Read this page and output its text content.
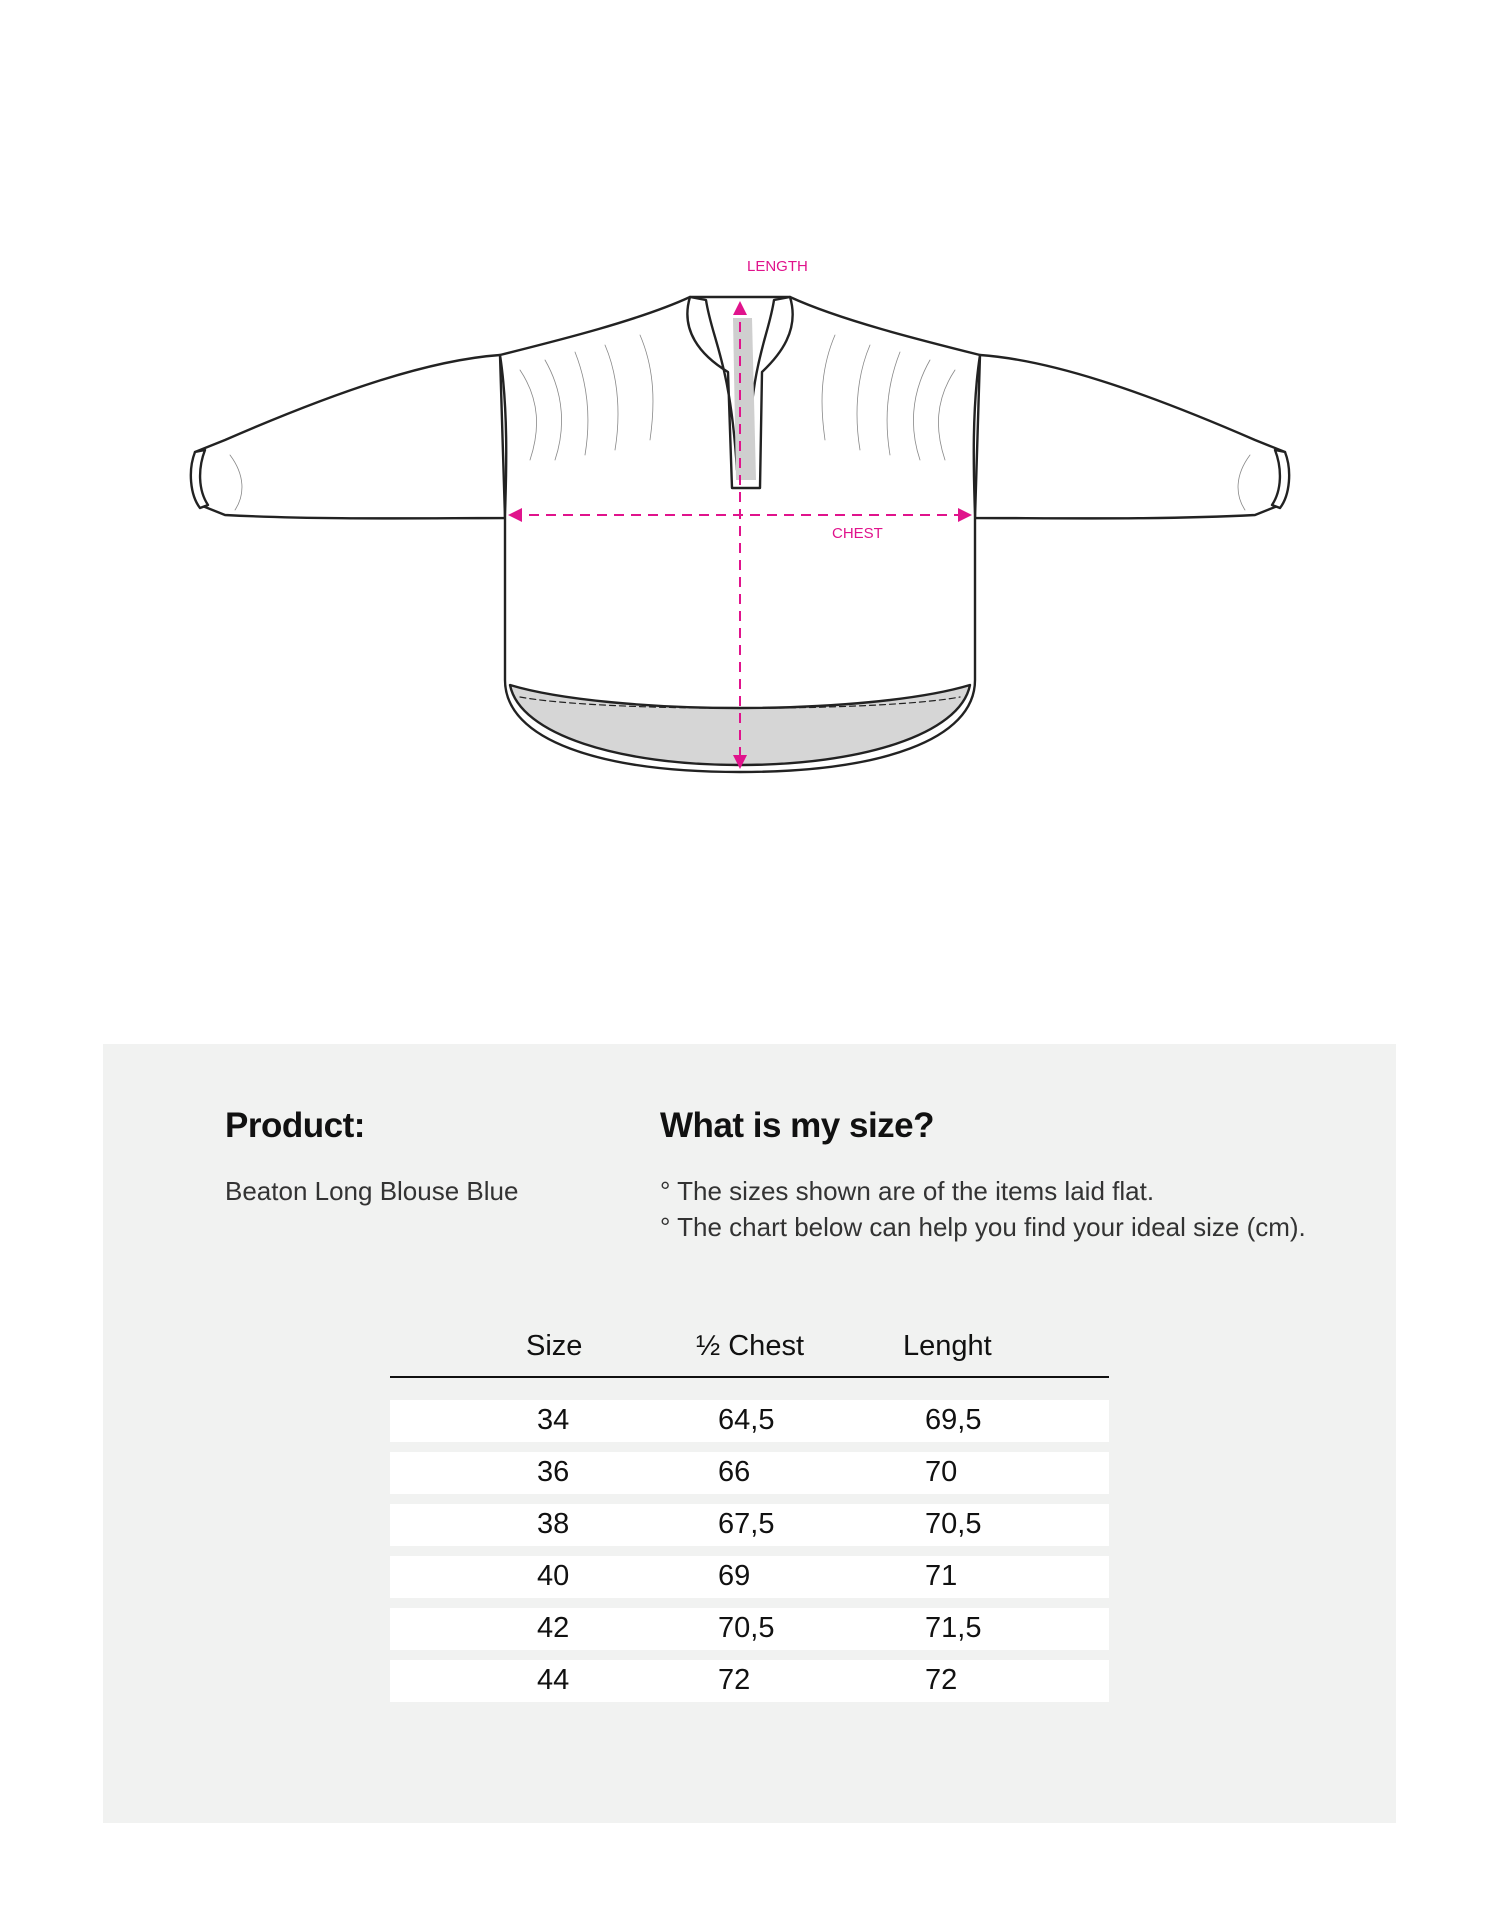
LENGTH
CHEST
Product:
Beaton Long Blouse Blue
What is my size?
° The sizes shown are of the items laid flat.
° The chart below can help you find your ideal size (cm).
Size	½ Chest	Lenght
34	64,5	69,5
36	66	70
38	67,5	70,5
40	69	71
42	70,5	71,5
44	72	72
